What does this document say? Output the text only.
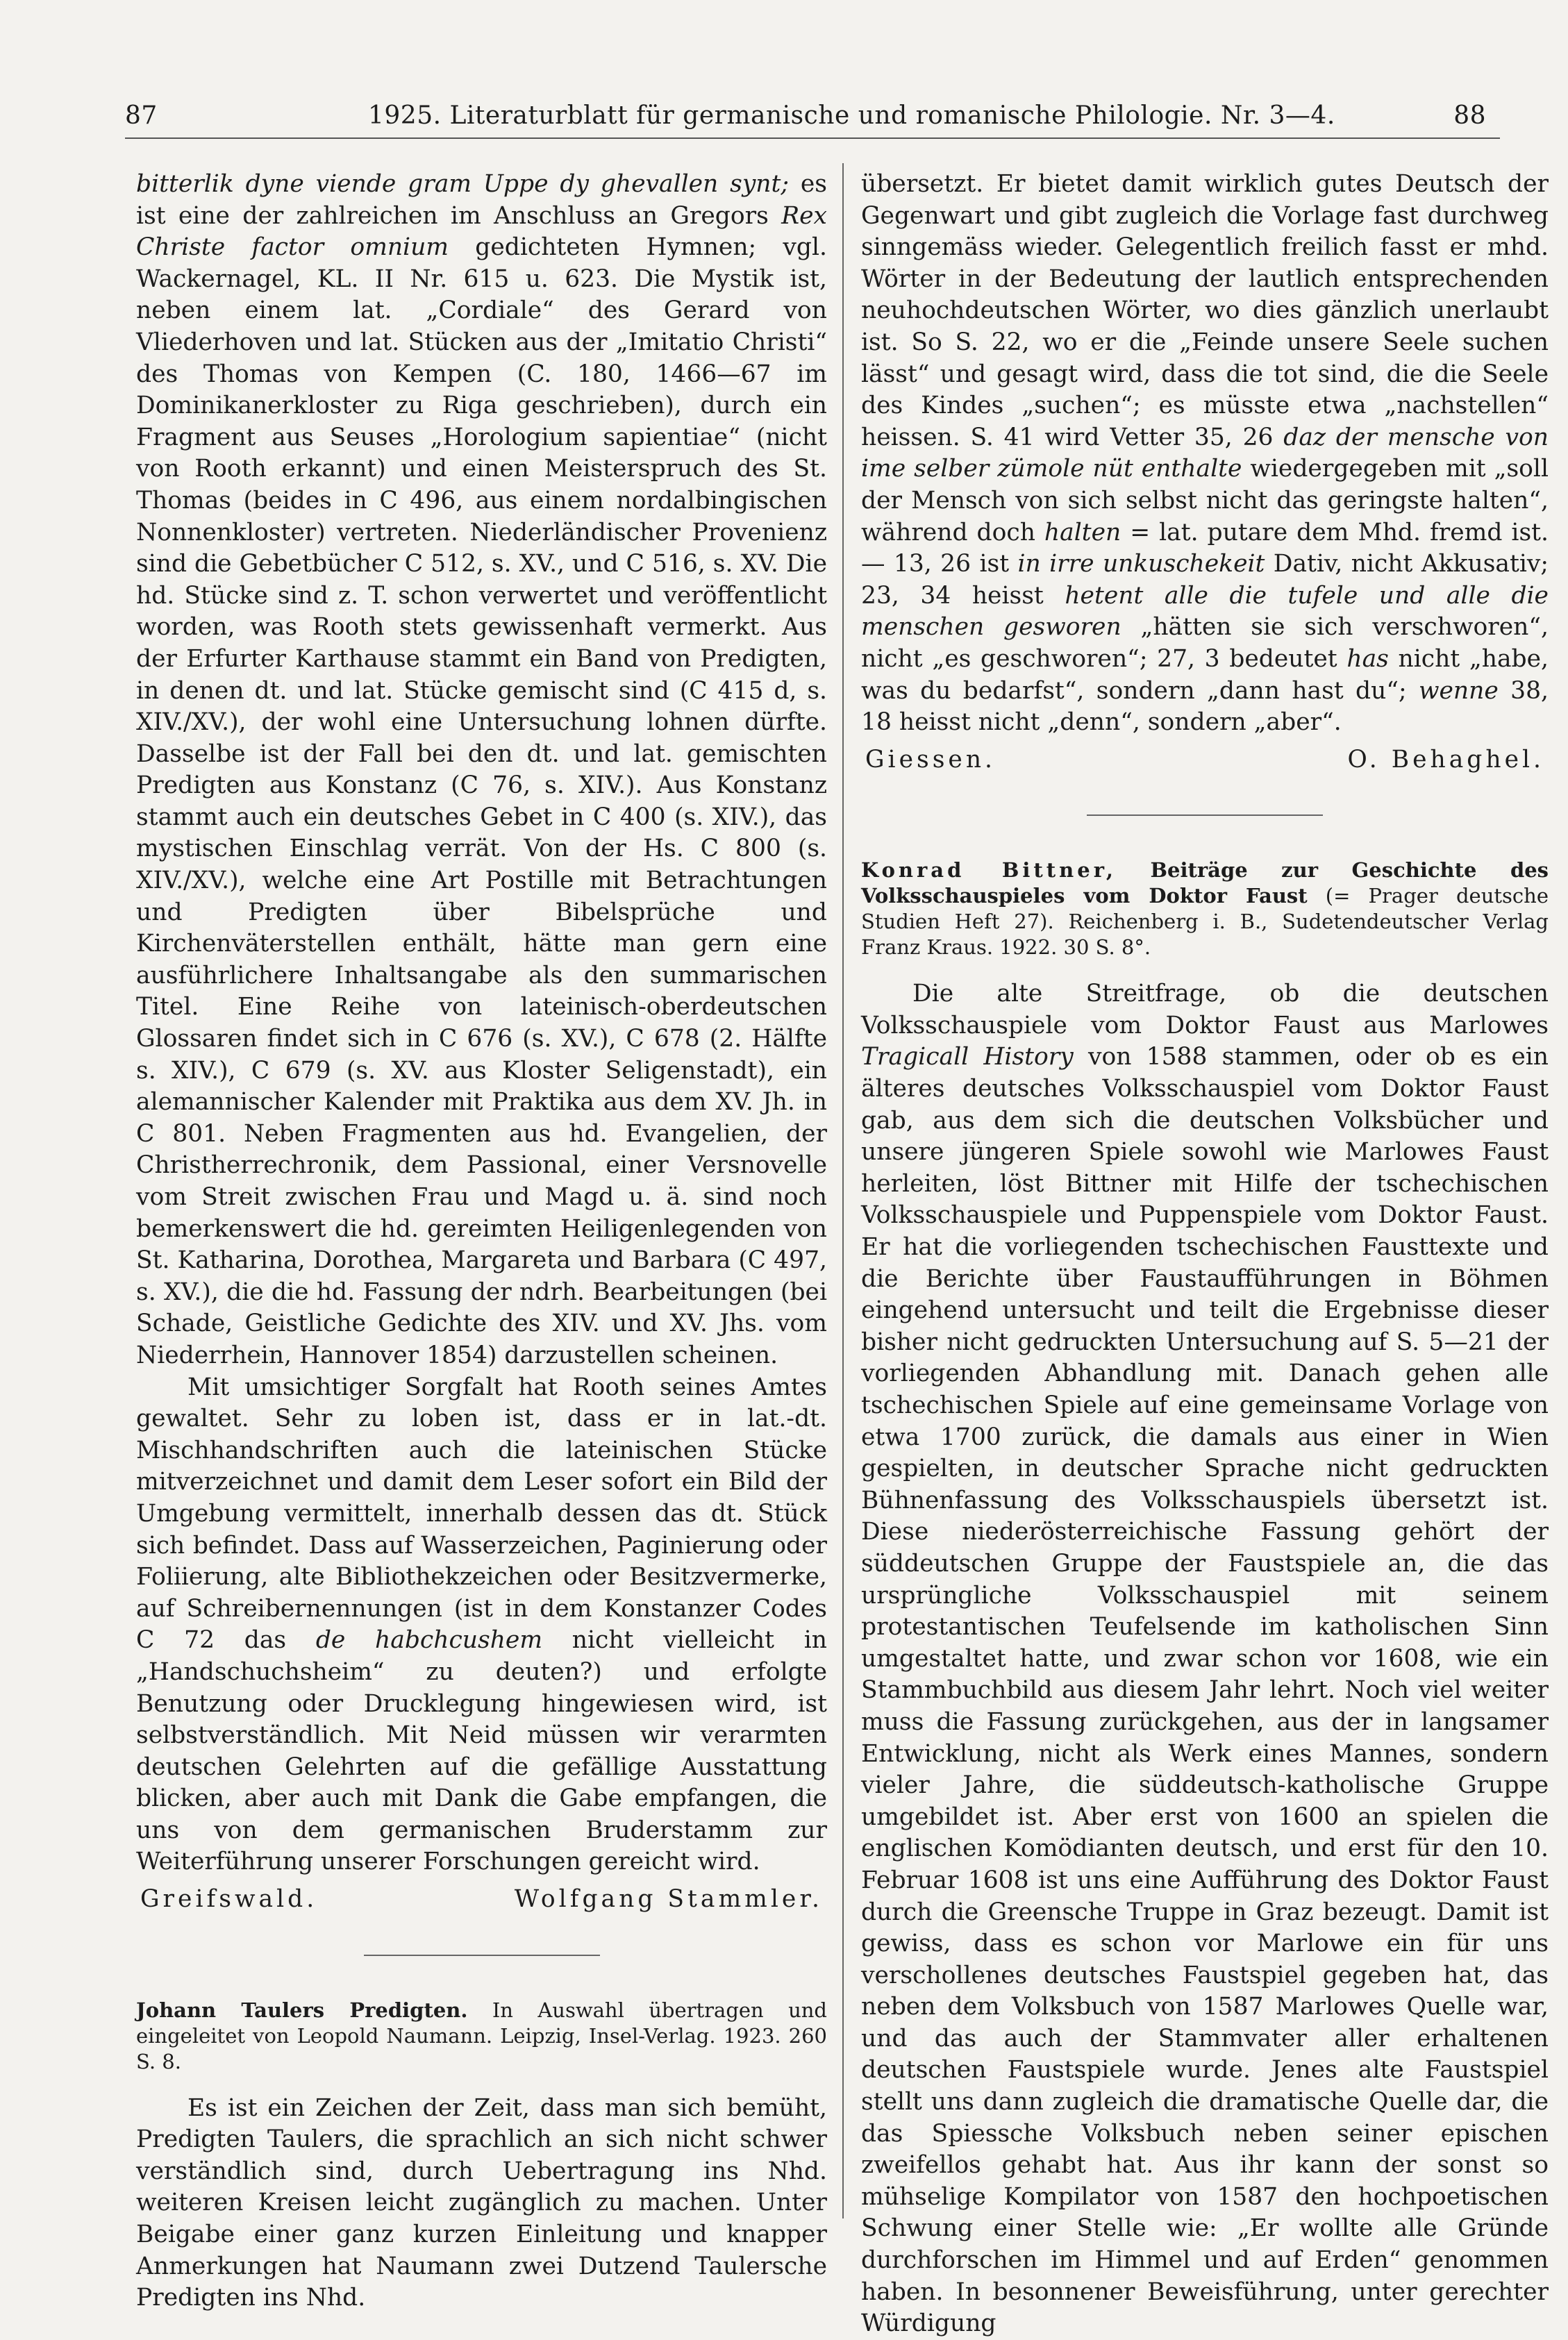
87	1925. Literaturblatt für germanische und romanische Philologie. Nr. 3—4.	88

bitterlik dyne viende gram Uppe dy ghevallen synt; es ist eine der zahlreichen im Anschluss an Gregors Rex Christe factor omnium gedichteten Hymnen; vgl. Wackernagel, KL. II Nr. 615 u. 623. Die Mystik ist, neben einem lat. „Cordiale“ des Gerard von Vliederhoven und lat. Stücken aus der „Imitatio Christi“ des Thomas von Kempen (C. 180, 1466—67 im Dominikanerkloster zu Riga geschrieben), durch ein Fragment aus Seuses „Horologium sapientiae“ (nicht von Rooth erkannt) und einen Meisterspruch des St. Thomas (beides in C 496, aus einem nordalbingischen Nonnenkloster) vertreten. Niederländischer Provenienz sind die Gebetbücher C 512, s. XV., und C 516, s. XV. Die hd. Stücke sind z. T. schon verwertet und veröffentlicht worden, was Rooth stets gewissenhaft vermerkt. Aus der Erfurter Karthause stammt ein Band von Predigten, in denen dt. und lat. Stücke gemischt sind (C 415 d, s. XIV./XV.), der wohl eine Untersuchung lohnen dürfte. Dasselbe ist der Fall bei den dt. und lat. gemischten Predigten aus Konstanz (C 76, s. XIV.). Aus Konstanz stammt auch ein deutsches Gebet in C 400 (s. XIV.), das mystischen Einschlag verrät. Von der Hs. C 800 (s. XIV./XV.), welche eine Art Postille mit Betrachtungen und Predigten über Bibelsprüche und Kirchenväterstellen enthält, hätte man gern eine ausführlichere Inhaltsangabe als den summarischen Titel. Eine Reihe von lateinisch-oberdeutschen Glossaren findet sich in C 676 (s. XV.), C 678 (2. Hälfte s. XIV.), C 679 (s. XV. aus Kloster Seligenstadt), ein alemannischer Kalender mit Praktika aus dem XV. Jh. in C 801. Neben Fragmenten aus hd. Evangelien, der Christherrechronik, dem Passional, einer Versnovelle vom Streit zwischen Frau und Magd u. ä. sind noch bemerkenswert die hd. gereimten Heiligenlegenden von St. Katharina, Dorothea, Margareta und Barbara (C 497, s. XV.), die die hd. Fassung der ndrh. Bearbeitungen (bei Schade, Geistliche Gedichte des XIV. und XV. Jhs. vom Niederrhein, Hannover 1854) darzustellen scheinen.

Mit umsichtiger Sorgfalt hat Rooth seines Amtes gewaltet. Sehr zu loben ist, dass er in lat.-dt. Mischhandschriften auch die lateinischen Stücke mitverzeichnet und damit dem Leser sofort ein Bild der Umgebung vermittelt, innerhalb dessen das dt. Stück sich befindet. Dass auf Wasserzeichen, Paginierung oder Foliierung, alte Bibliothekzeichen oder Besitzvermerke, auf Schreibernennungen (ist in dem Konstanzer Codes C 72 das de habchcushem nicht vielleicht in „Handschuchsheim“ zu deuten?) und erfolgte Benutzung oder Drucklegung hingewiesen wird, ist selbstverständlich. Mit Neid müssen wir verarmten deutschen Gelehrten auf die gefällige Ausstattung blicken, aber auch mit Dank die Gabe empfangen, die uns von dem germanischen Bruderstamm zur Weiterführung unserer Forschungen gereicht wird.

Greifswald.	Wolfgang Stammler.
Johann Taulers Predigten. In Auswahl übertragen und eingeleitet von Leopold Naumann. Leipzig, Insel-Verlag. 1923. 260 S. 8.

Es ist ein Zeichen der Zeit, dass man sich bemüht, Predigten Taulers, die sprachlich an sich nicht schwer verständlich sind, durch Uebertragung ins Nhd. weiteren Kreisen leicht zugänglich zu machen. Unter Beigabe einer ganz kurzen Einleitung und knapper Anmerkungen hat Naumann zwei Dutzend Taulersche Predigten ins Nhd.

übersetzt. Er bietet damit wirklich gutes Deutsch der Gegenwart und gibt zugleich die Vorlage fast durchweg sinngemäss wieder. Gelegentlich freilich fasst er mhd. Wörter in der Bedeutung der lautlich entsprechenden neuhochdeutschen Wörter, wo dies gänzlich unerlaubt ist. So S. 22, wo er die „Feinde unsere Seele suchen lässt“ und gesagt wird, dass die tot sind, die die Seele des Kindes „suchen“; es müsste etwa „nachstellen“ heissen. S. 41 wird Vetter 35, 26 daz der mensche von ime selber zümole nüt enthalte wiedergegeben mit „soll der Mensch von sich selbst nicht das geringste halten“, während doch halten = lat. putare dem Mhd. fremd ist. — 13, 26 ist in irre unkuschekeit Dativ, nicht Akkusativ; 23, 34 heisst hetent alle die tufele und alle die menschen gesworen „hätten sie sich verschworen“, nicht „es geschworen“; 27, 3 bedeutet has nicht „habe, was du bedarfst“, sondern „dann hast du“; wenne 38, 18 heisst nicht „denn“, sondern „aber“.

Giessen.	O. Behaghel.
Konrad Bittner, Beiträge zur Geschichte des Volksschauspieles vom Doktor Faust (= Prager deutsche Studien Heft 27). Reichenberg i. B., Sudetendeutscher Verlag Franz Kraus. 1922. 30 S. 8°.

Die alte Streitfrage, ob die deutschen Volksschauspiele vom Doktor Faust aus Marlowes Tragicall History von 1588 stammen, oder ob es ein älteres deutsches Volksschauspiel vom Doktor Faust gab, aus dem sich die deutschen Volksbücher und unsere jüngeren Spiele sowohl wie Marlowes Faust herleiten, löst Bittner mit Hilfe der tschechischen Volksschauspiele und Puppenspiele vom Doktor Faust. Er hat die vorliegenden tschechischen Fausttexte und die Berichte über Faustaufführungen in Böhmen eingehend untersucht und teilt die Ergebnisse dieser bisher nicht gedruckten Untersuchung auf S. 5—21 der vorliegenden Abhandlung mit. Danach gehen alle tschechischen Spiele auf eine gemeinsame Vorlage von etwa 1700 zurück, die damals aus einer in Wien gespielten, in deutscher Sprache nicht gedruckten Bühnenfassung des Volksschauspiels übersetzt ist. Diese niederösterreichische Fassung gehört der süddeutschen Gruppe der Faustspiele an, die das ursprüngliche Volksschauspiel mit seinem protestantischen Teufelsende im katholischen Sinn umgestaltet hatte, und zwar schon vor 1608, wie ein Stammbuchbild aus diesem Jahr lehrt. Noch viel weiter muss die Fassung zurückgehen, aus der in langsamer Entwicklung, nicht als Werk eines Mannes, sondern vieler Jahre, die süddeutsch-katholische Gruppe umgebildet ist. Aber erst von 1600 an spielen die englischen Komödianten deutsch, und erst für den 10. Februar 1608 ist uns eine Aufführung des Doktor Faust durch die Greensche Truppe in Graz bezeugt. Damit ist gewiss, dass es schon vor Marlowe ein für uns verschollenes deutsches Faustspiel gegeben hat, das neben dem Volksbuch von 1587 Marlowes Quelle war, und das auch der Stammvater aller erhaltenen deutschen Faustspiele wurde. Jenes alte Faustspiel stellt uns dann zugleich die dramatische Quelle dar, die das Spiessche Volksbuch neben seiner epischen zweifellos gehabt hat. Aus ihr kann der sonst so mühselige Kompilator von 1587 den hochpoetischen Schwung einer Stelle wie: „Er wollte alle Gründe durchforschen im Himmel und auf Erden“ genommen haben. In besonnener Beweisführung, unter gerechter Würdigung
